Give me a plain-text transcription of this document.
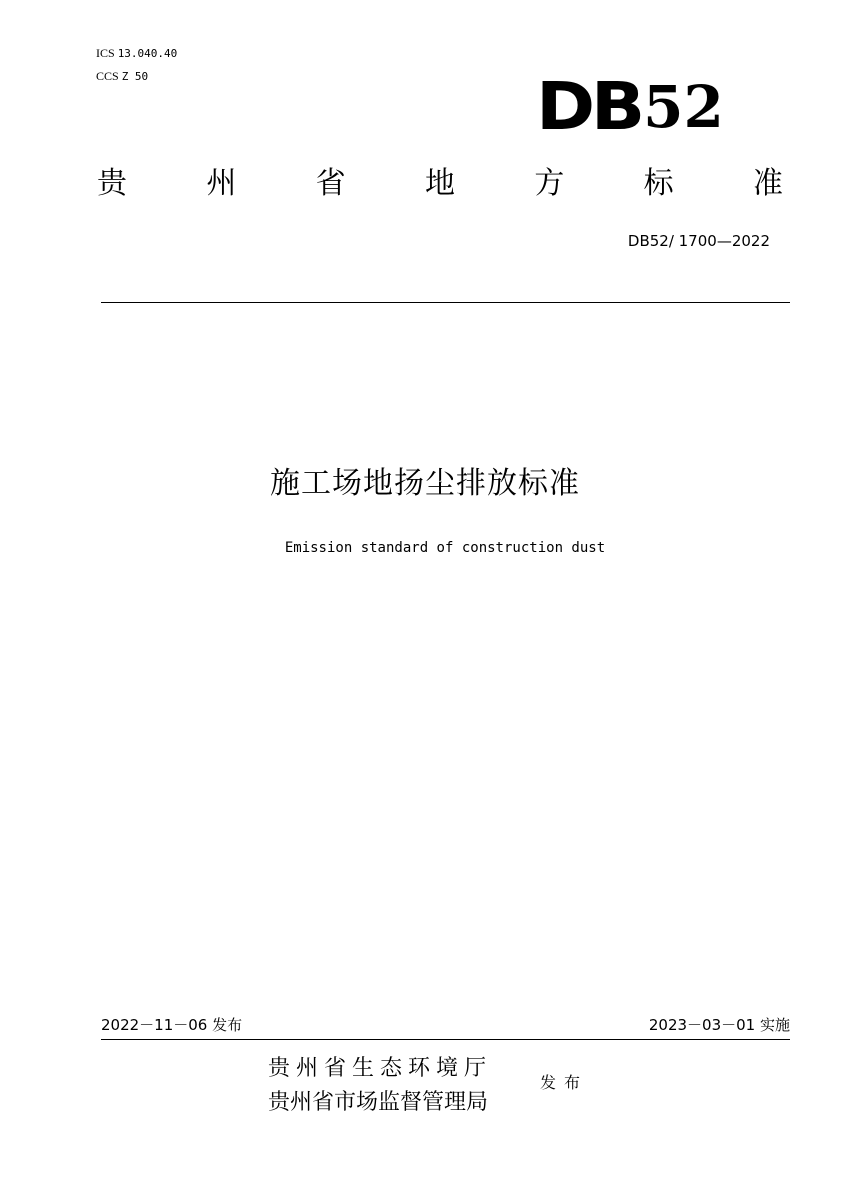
ICS 13.040.40
CCS Z 50	DB 52
贵	州	省	地	方	标	准
DB52/ 1700—2022
施工场地扬尘排放标准
Emission standard of construction dust
2022－11－06 发布	2023－03－01 实施
贵州省生态环境厅
贵州省市场监督管理局
发布
